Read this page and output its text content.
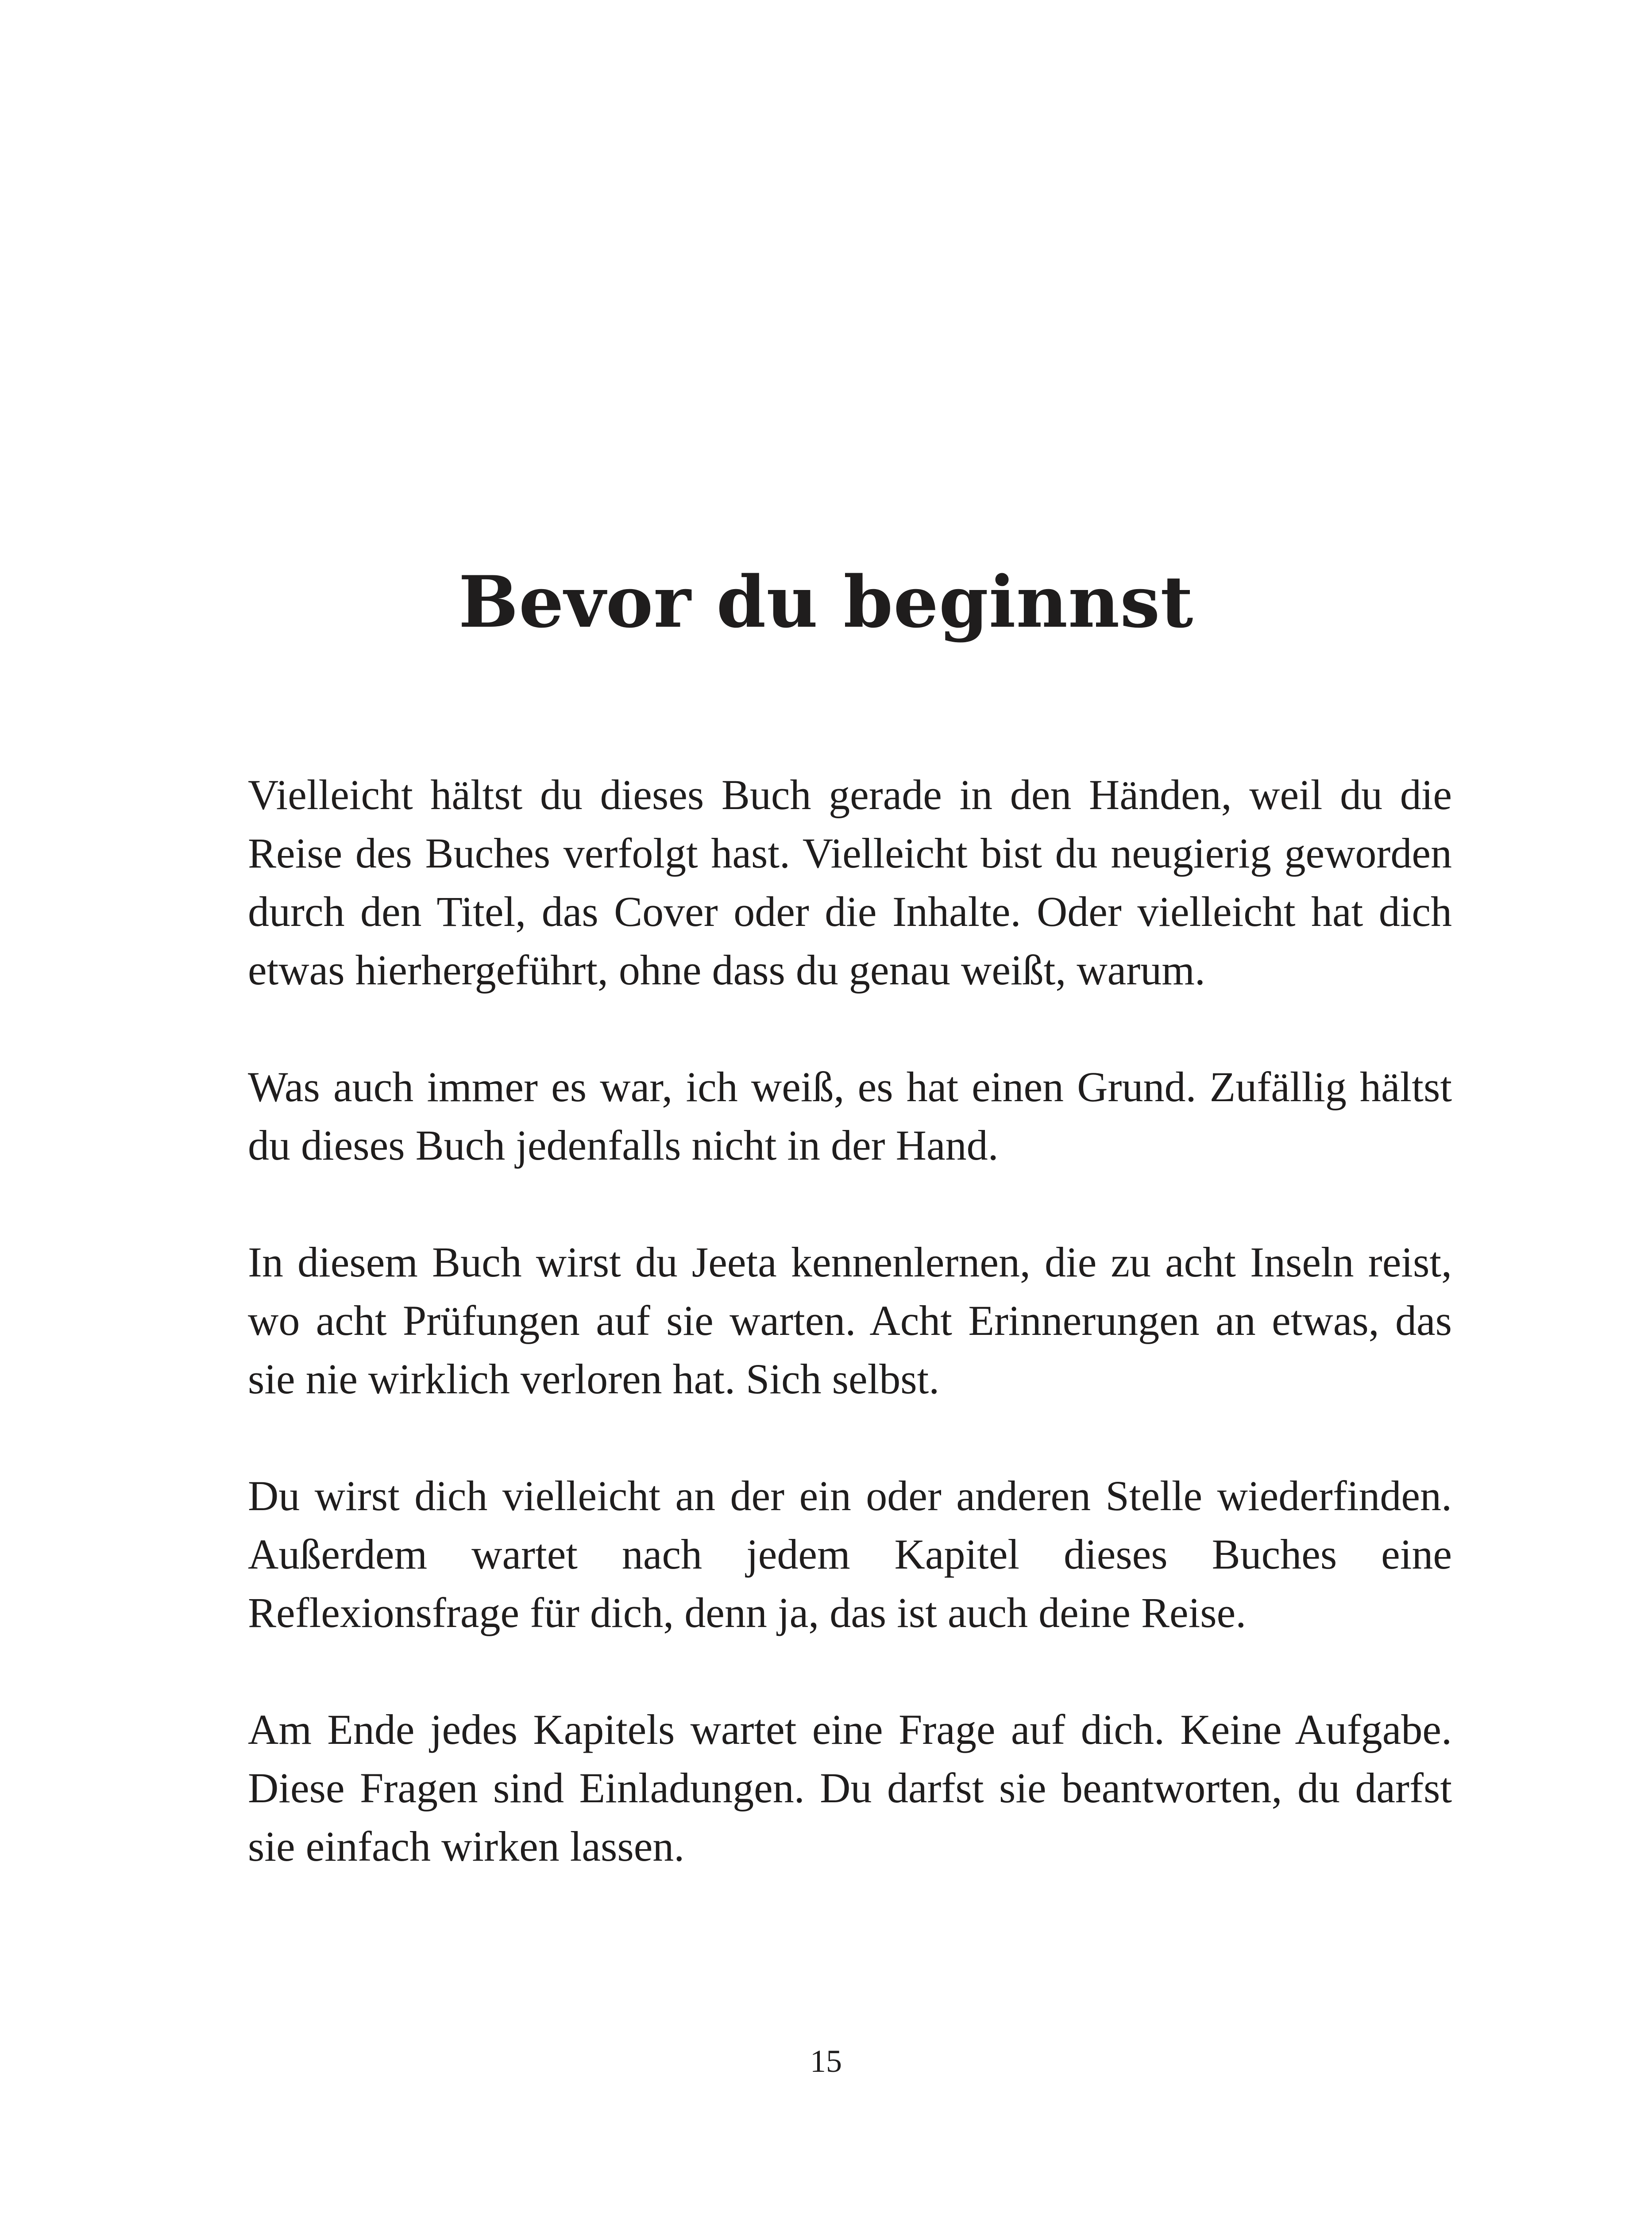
Bevor du beginnst

Vielleicht hältst du dieses Buch gerade in den Händen, weil du die
Reise des Buches verfolgt hast. Vielleicht bist du neugierig geworden
durch den Titel, das Cover oder die Inhalte. Oder vielleicht hat dich
etwas hierhergeführt, ohne dass du genau weißt, warum.

Was auch immer es war, ich weiß, es hat einen Grund. Zufällig hältst
du dieses Buch jedenfalls nicht in der Hand.

In diesem Buch wirst du Jeeta kennenlernen, die zu acht Inseln reist,
wo acht Prüfungen auf sie warten. Acht Erinnerungen an etwas, das
sie nie wirklich verloren hat. Sich selbst.

Du wirst dich vielleicht an der ein oder anderen Stelle wiederfinden.
Außerdem wartet nach jedem Kapitel dieses Buches eine
Reflexionsfrage für dich, denn ja, das ist auch deine Reise.

Am Ende jedes Kapitels wartet eine Frage auf dich. Keine Aufgabe.
Diese Fragen sind Einladungen. Du darfst sie beantworten, du darfst
sie einfach wirken lassen.

15
